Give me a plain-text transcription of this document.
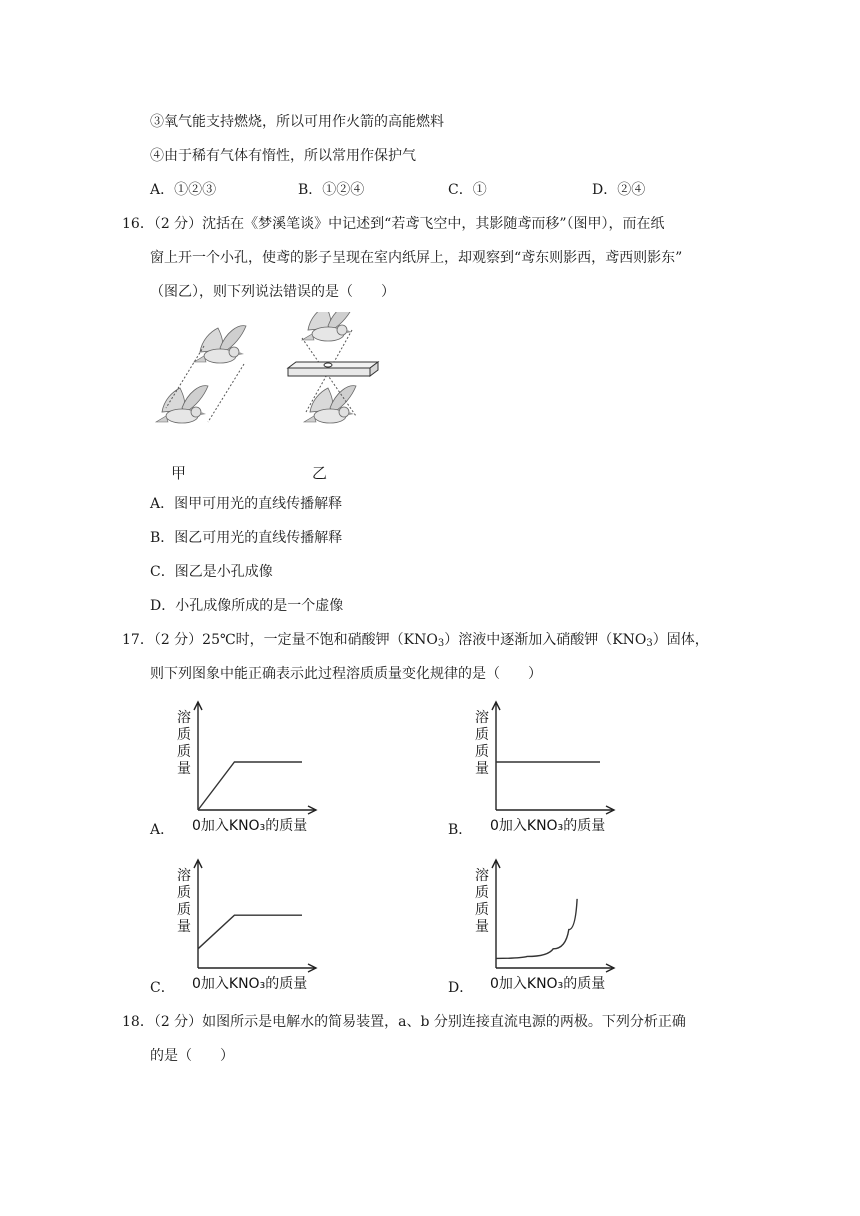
③氧气能支持燃烧，所以可用作火箭的高能燃料
④由于稀有气体有惰性，所以常用作保护气
A．①②③	B．①②④	C．①	D．②④
16．（2 分）沈括在《梦溪笔谈》中记述到“若鸢飞空中，其影随鸢而移”（图甲），而在纸
窗上开一个小孔，使鸢的影子呈现在室内纸屏上，却观察到“鸢东则影西，鸢西则影东”
（图乙），则下列说法错误的是（　　）
甲	乙
A．图甲可用光的直线传播解释
B．图乙可用光的直线传播解释
C．图乙是小孔成像
D．小孔成像所成的是一个虚像
17．（2 分）25℃时，一定量不饱和硝酸钾$(KNO_3)$溶液中逐渐加入硝酸钾$(KNO_3)$固体，
则下列图象中能正确表示此过程溶质质量变化规律的是（　　）
A．	B．
C．	D．
溶质质量
0加入KNO₃的质量
溶质质量
0加入KNO₃的质量
溶质质量
0加入KNO₃的质量
溶质质量
0加入KNO₃的质量
18．（2 分）如图所示是电解水的简易装置，a、b 分别连接直流电源的两极。下列分析正确
的是（　　）
